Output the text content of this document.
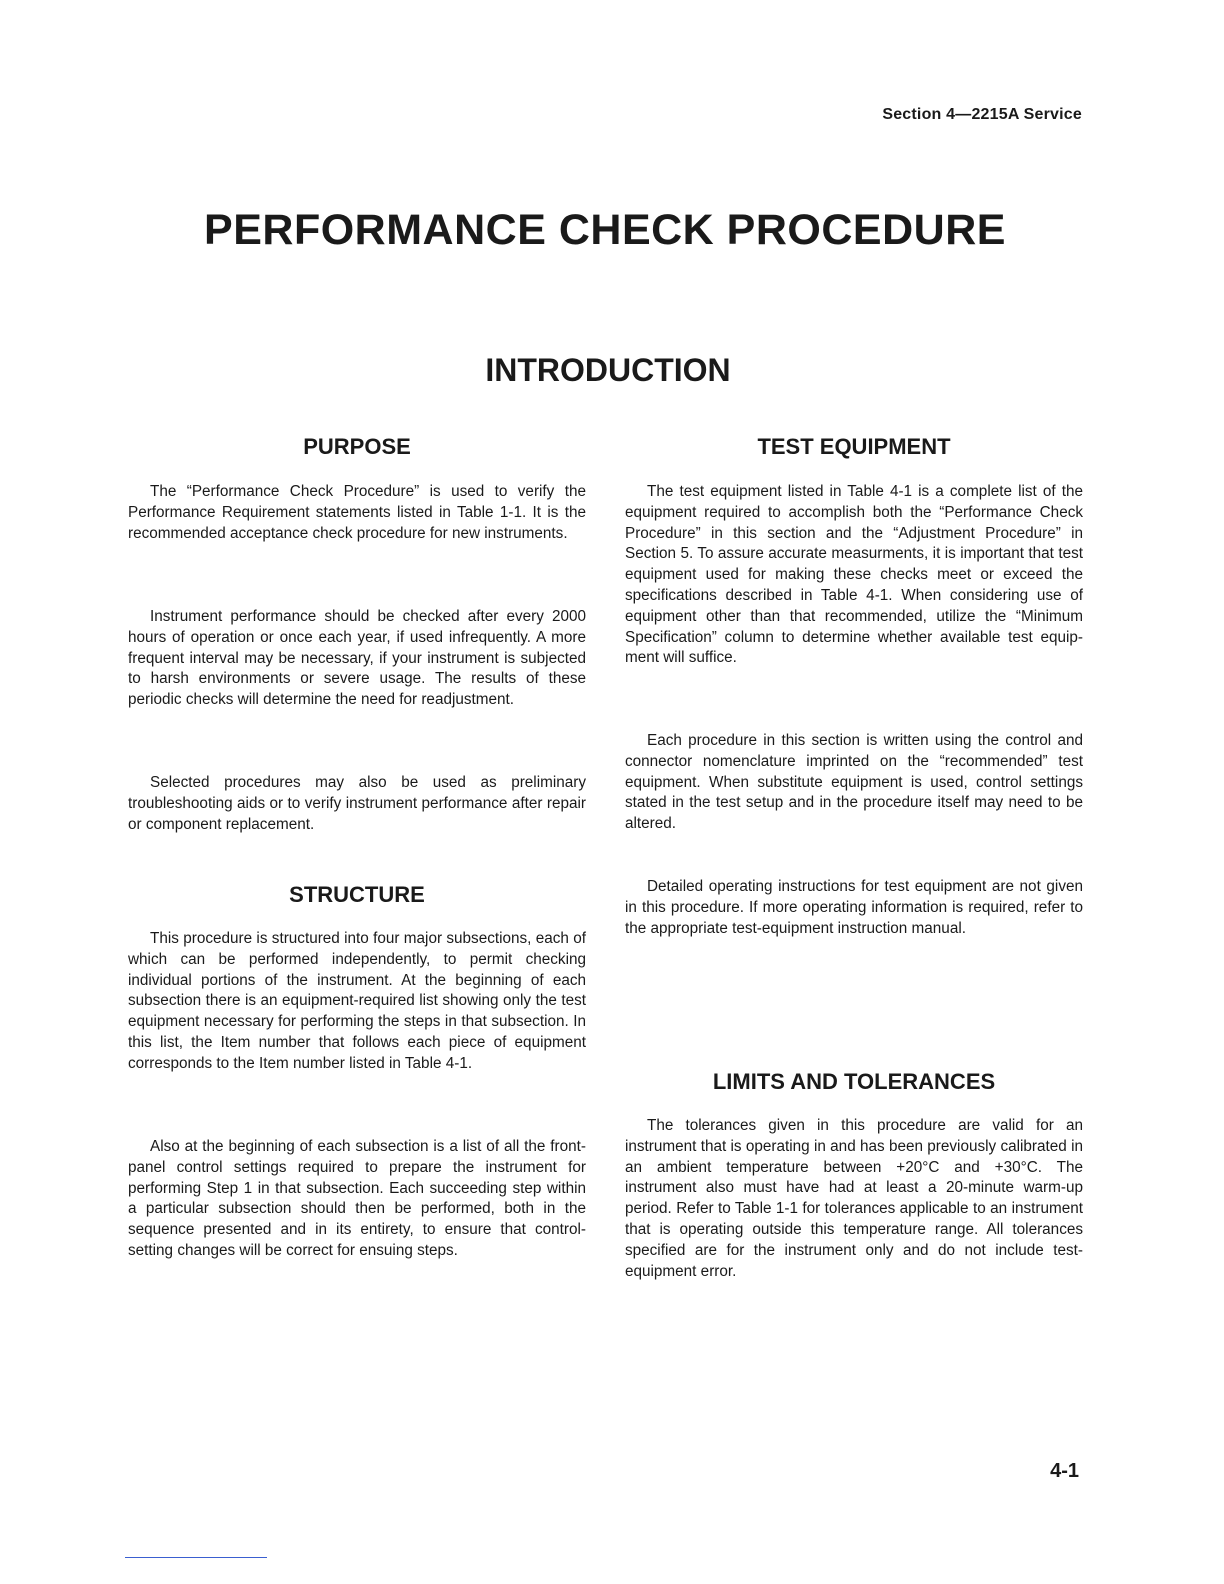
Section 4—2215A Service
PERFORMANCE CHECK PROCEDURE
INTRODUCTION
PURPOSE

The “Performance Check Procedure” is used to verify the Performance Requirement statements listed in Table 1-1. It is the recommended acceptance check procedure for new instruments.

Instrument performance should be checked after every 2000 hours of operation or once each year, if used infrequently. A more frequent interval may be necessary, if your instrument is subjected to harsh environments or severe usage. The results of these periodic checks will determine the need for readjustment.

Selected procedures may also be used as preliminary troubleshooting aids or to verify instrument performance after repair or component replacement.

STRUCTURE

This procedure is structured into four major subsections, each of which can be performed independently, to permit checking individual portions of the instrument. At the beginning of each subsection there is an equipment-required list showing only the test equipment necessary for performing the steps in that subsection. In this list, the Item number that follows each piece of equipment corresponds to the Item number listed in Table 4-1.

Also at the beginning of each subsection is a list of all the front-panel control settings required to prepare the instrument for performing Step 1 in that subsection. Each succeeding step within a particular subsection should then be performed, both in the sequence presented and in its entirety, to ensure that control-setting changes will be correct for ensuing steps.

TEST EQUIPMENT

The test equipment listed in Table 4-1 is a complete list of the equipment required to accomplish both the “Performance Check Procedure” in this section and the “Adjustment Procedure” in Section 5. To assure accurate measurments, it is important that test equipment used for making these checks meet or exceed the specifications described in Table 4-1. When considering use of equipment other than that recommended, utilize the “Minimum Specification” column to determine whether available test equipment will suffice.

Each procedure in this section is written using the control and connector nomenclature imprinted on the “recommended” test equipment. When substitute equipment is used, control settings stated in the test setup and in the procedure itself may need to be altered.

Detailed operating instructions for test equipment are not given in this procedure. If more operating information is required, refer to the appropriate test-equipment instruction manual.

LIMITS AND TOLERANCES

The tolerances given in this procedure are valid for an instrument that is operating in and has been previously calibrated in an ambient temperature between +20°C and +30°C. The instrument also must have had at least a 20-minute warm-up period. Refer to Table 1-1 for tolerances applicable to an instrument that is operating outside this temperature range. All tolerances specified are for the instrument only and do not include test-equipment error.

4-1
